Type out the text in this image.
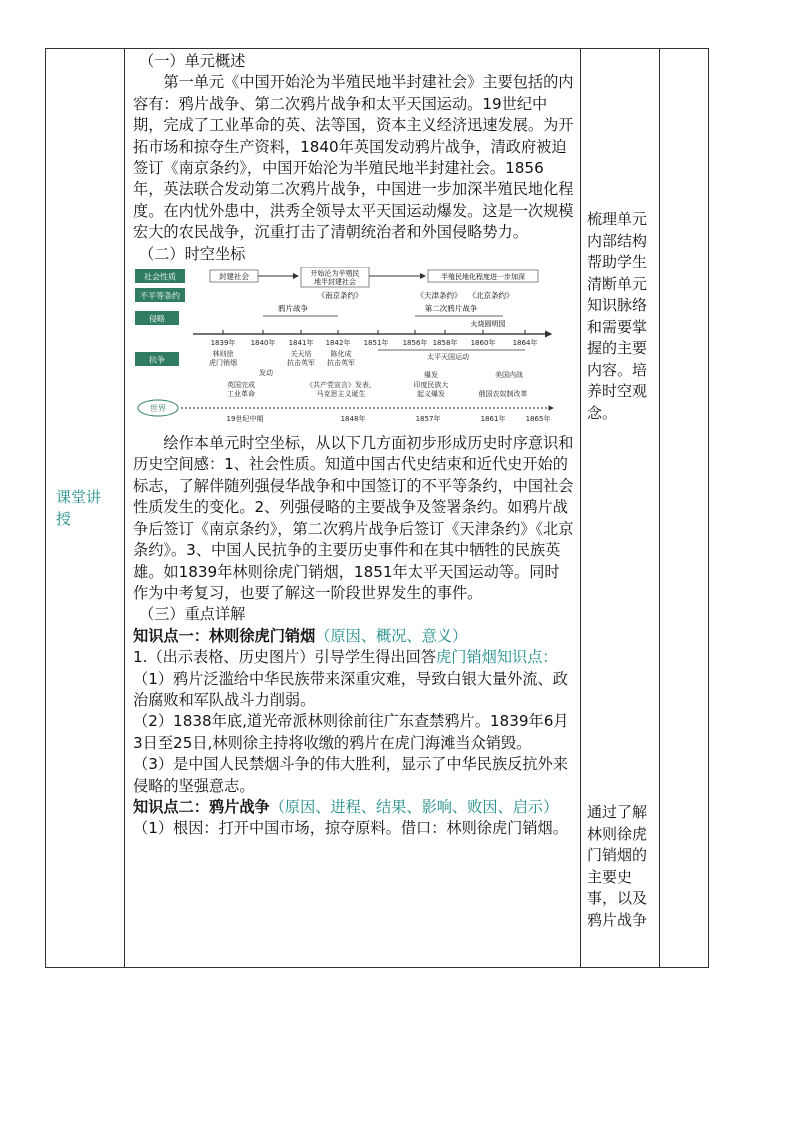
课堂讲授

（一）单元概述

第一单元《中国开始沦为半殖民地半封建社会》主要包括的内容有：鸦片战争、第二次鸦片战争和太平天国运动。19世纪中期，完成了工业革命的英、法等国，资本主义经济迅速发展。为开拓市场和掠夺生产资料，1840年英国发动鸦片战争，清政府被迫签订《南京条约》，中国开始沦为半殖民地半封建社会。1856年，英法联合发动第二次鸦片战争，中国进一步加深半殖民地化程度。在内忧外患中，洪秀全领导太平天国运动爆发。这是一次规模宏大的农民战争，沉重打击了清朝统治者和外国侵略势力。

（二）时空坐标

社会性质
不平等条约
侵略
抗争
世界
封建社会	开始沦为半殖民
地半封建社会
半殖民地化程度进一步加深
《南京条约》	《天津条约》 《北京条约》
鸦片战争	第二次鸦片战争
火烧圆明园
1839年 1840年 1841年 1842年 1851年 1856年 1858年 1860年 1864年
林则徐
虎门销烟
关天培
抗击英军
陈化成
抗击英军
太平天国运动
发动
英国完成
工业革命
《共产党宣言》发表，
马克思主义诞生
印度民族大
起义爆发
美国内战
俄国农奴制改革
爆发
19世纪中期	1848年	1857年	1861年	1865年

绘作本单元时空坐标，从以下几方面初步形成历史时序意识和历史空间感：1、社会性质。知道中国古代史结束和近代史开始的标志，了解伴随列强侵华战争和中国签订的不平等条约，中国社会性质发生的变化。2、列强侵略的主要战争及签署条约。如鸦片战争后签订《南京条约》，第二次鸦片战争后签订《天津条约》《北京条约》。3、中国人民抗争的主要历史事件和在其中牺牲的民族英雄。如1839年林则徐虎门销烟，1851年太平天国运动等。同时作为中考复习，也要了解这一阶段世界发生的事件。

（三）重点详解

知识点一：林则徐虎门销烟（原因、概况、意义）

1.（出示表格、历史图片）引导学生得出回答虎门销烟知识点：

（1）鸦片泛滥给中华民族带来深重灾难，导致白银大量外流、政治腐败和军队战斗力削弱。

（2）1838年底,道光帝派林则徐前往广东查禁鸦片。1839年6月3日至25日,林则徐主持将收缴的鸦片在虎门海滩当众销毁。

（3）是中国人民禁烟斗争的伟大胜利，显示了中华民族反抗外来侵略的坚强意志。

知识点二：鸦片战争（原因、进程、结果、影响、败因、启示）

（1）根因：打开中国市场，掠夺原料。借口：林则徐虎门销烟。

梳理单元内部结构帮助学生清断单元知识脉络和需要掌握的主要内容。培养时空观念。
通过了解林则徐虎门销烟的主要史事，以及鸦片战争
